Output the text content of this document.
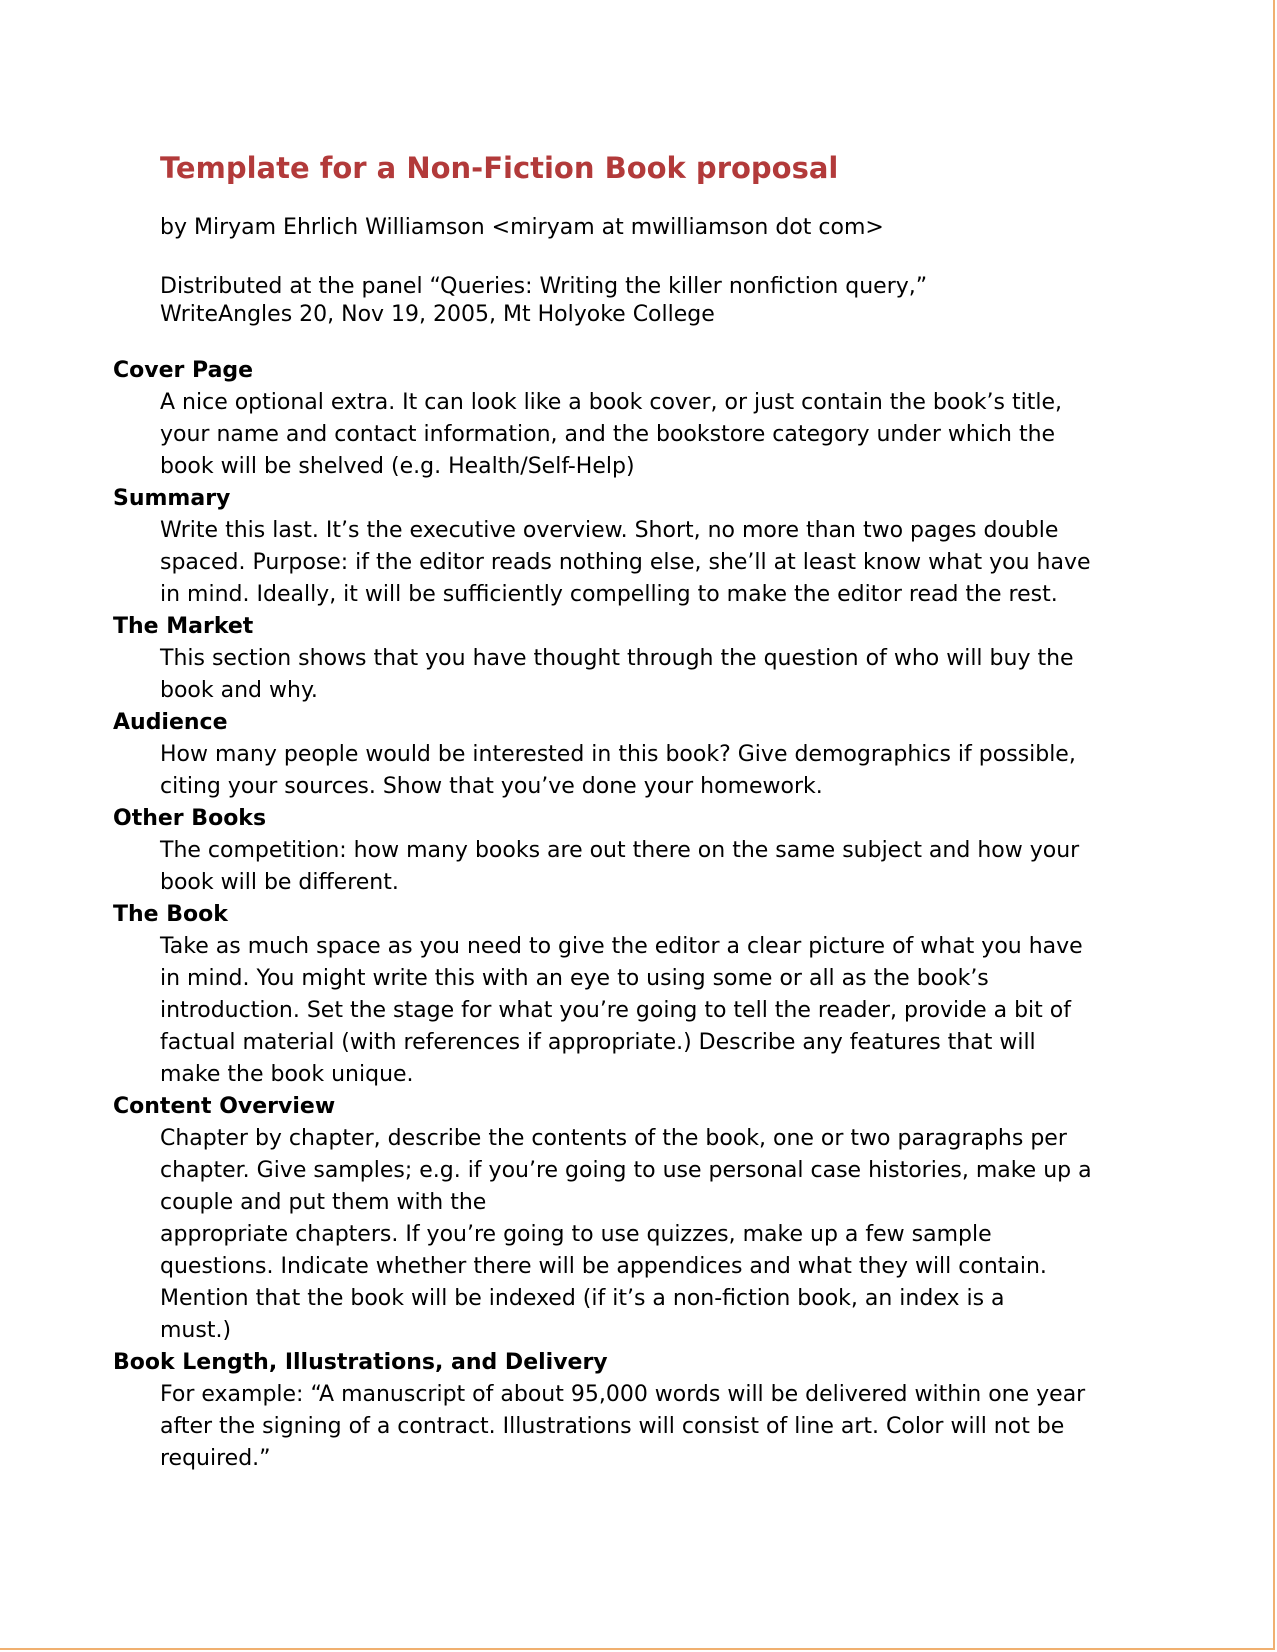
Template for a Non-Fiction Book proposal

by Miryam Ehrlich Williamson <miryam at mwilliamson dot com>

Distributed at the panel “Queries: Writing the killer nonfiction query,”
WriteAngles 20, Nov 19, 2005, Mt Holyoke College
Cover Page

A nice optional extra. It can look like a book cover, or just contain the book’s title,
your name and contact information, and the bookstore category under which the
book will be shelved (e.g. Health/Self-Help)

Summary

Write this last. It’s the executive overview. Short, no more than two pages double
spaced. Purpose: if the editor reads nothing else, she’ll at least know what you have
in mind. Ideally, it will be sufficiently compelling to make the editor read the rest.

The Market

This section shows that you have thought through the question of who will buy the
book and why.

Audience

How many people would be interested in this book? Give demographics if possible,
citing your sources. Show that you’ve done your homework.

Other Books

The competition: how many books are out there on the same subject and how your
book will be different.

The Book

Take as much space as you need to give the editor a clear picture of what you have
in mind. You might write this with an eye to using some or all as the book’s
introduction. Set the stage for what you’re going to tell the reader, provide a bit of
factual material (with references if appropriate.) Describe any features that will
make the book unique.

Content Overview

Chapter by chapter, describe the contents of the book, one or two paragraphs per
chapter. Give samples; e.g. if you’re going to use personal case histories, make up a
couple and put them with the
appropriate chapters. If you’re going to use quizzes, make up a few sample
questions. Indicate whether there will be appendices and what they will contain.
Mention that the book will be indexed (if it’s a non-fiction book, an index is a
must.)

Book Length, Illustrations, and Delivery

For example: “A manuscript of about 95,000 words will be delivered within one year
after the signing of a contract. Illustrations will consist of line art. Color will not be
required.”
